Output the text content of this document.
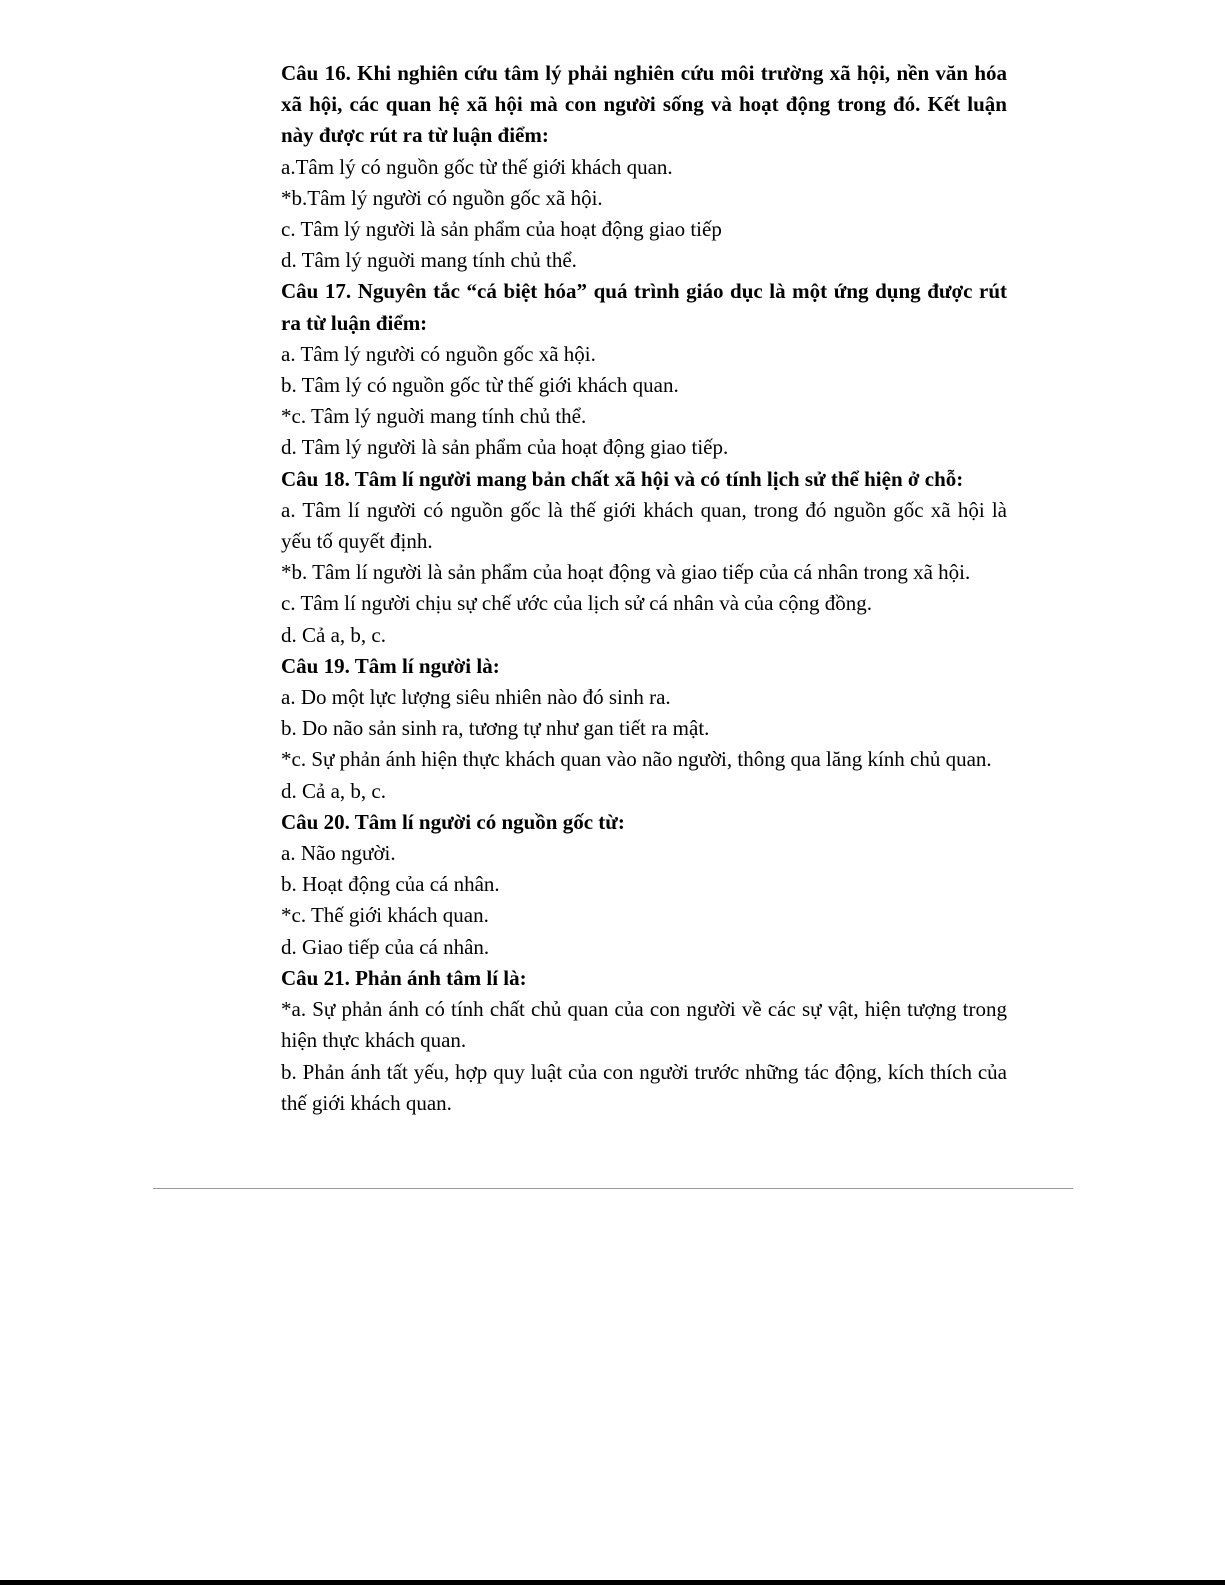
Câu 16. Khi nghiên cứu tâm lý phải nghiên cứu môi trường xã hội, nền văn hóa xã hội, các quan hệ xã hội mà con người sống và hoạt động trong đó. Kết luận này được rút ra từ luận điểm:

a.Tâm lý có nguồn gốc từ thế giới khách quan.

*b.Tâm lý người có nguồn gốc xã hội.

c. Tâm lý người là sản phẩm của hoạt động giao tiếp

d. Tâm lý nguời mang tính chủ thể.

Câu 17. Nguyên tắc “cá biệt hóa” quá trình giáo dục là một ứng dụng được rút ra từ luận điểm:

a. Tâm lý người có nguồn gốc xã hội.

b. Tâm lý có nguồn gốc từ thế giới khách quan.

*c. Tâm lý nguời mang tính chủ thể.

d. Tâm lý người là sản phẩm của hoạt động giao tiếp.

Câu 18. Tâm lí người mang bản chất xã hội và có tính lịch sử thể hiện ở chỗ:

a. Tâm lí người có nguồn gốc là thế giới khách quan, trong đó nguồn gốc xã hội là yếu tố quyết định.

*b. Tâm lí người là sản phẩm của hoạt động và giao tiếp của cá nhân trong xã hội.

c. Tâm lí người chịu sự chế ước của lịch sử cá nhân và của cộng đồng.

d. Cả a, b, c.

Câu 19. Tâm lí người là:

a. Do một lực lượng siêu nhiên nào đó sinh ra.

b. Do não sản sinh ra, tương tự như gan tiết ra mật.

*c. Sự phản ánh hiện thực khách quan vào não người, thông qua lăng kính chủ quan.

d. Cả a, b, c.

Câu 20. Tâm lí người có nguồn gốc từ:

a. Não người.

b. Hoạt động của cá nhân.

*c. Thế giới khách quan.

d. Giao tiếp của cá nhân.

Câu 21. Phản ánh tâm lí là:

*a. Sự phản ánh có tính chất chủ quan của con người về các sự vật, hiện tượng trong hiện thực khách quan.

b. Phản ánh tất yếu, hợp quy luật của con người trước những tác động, kích thích của thế giới khách quan.
